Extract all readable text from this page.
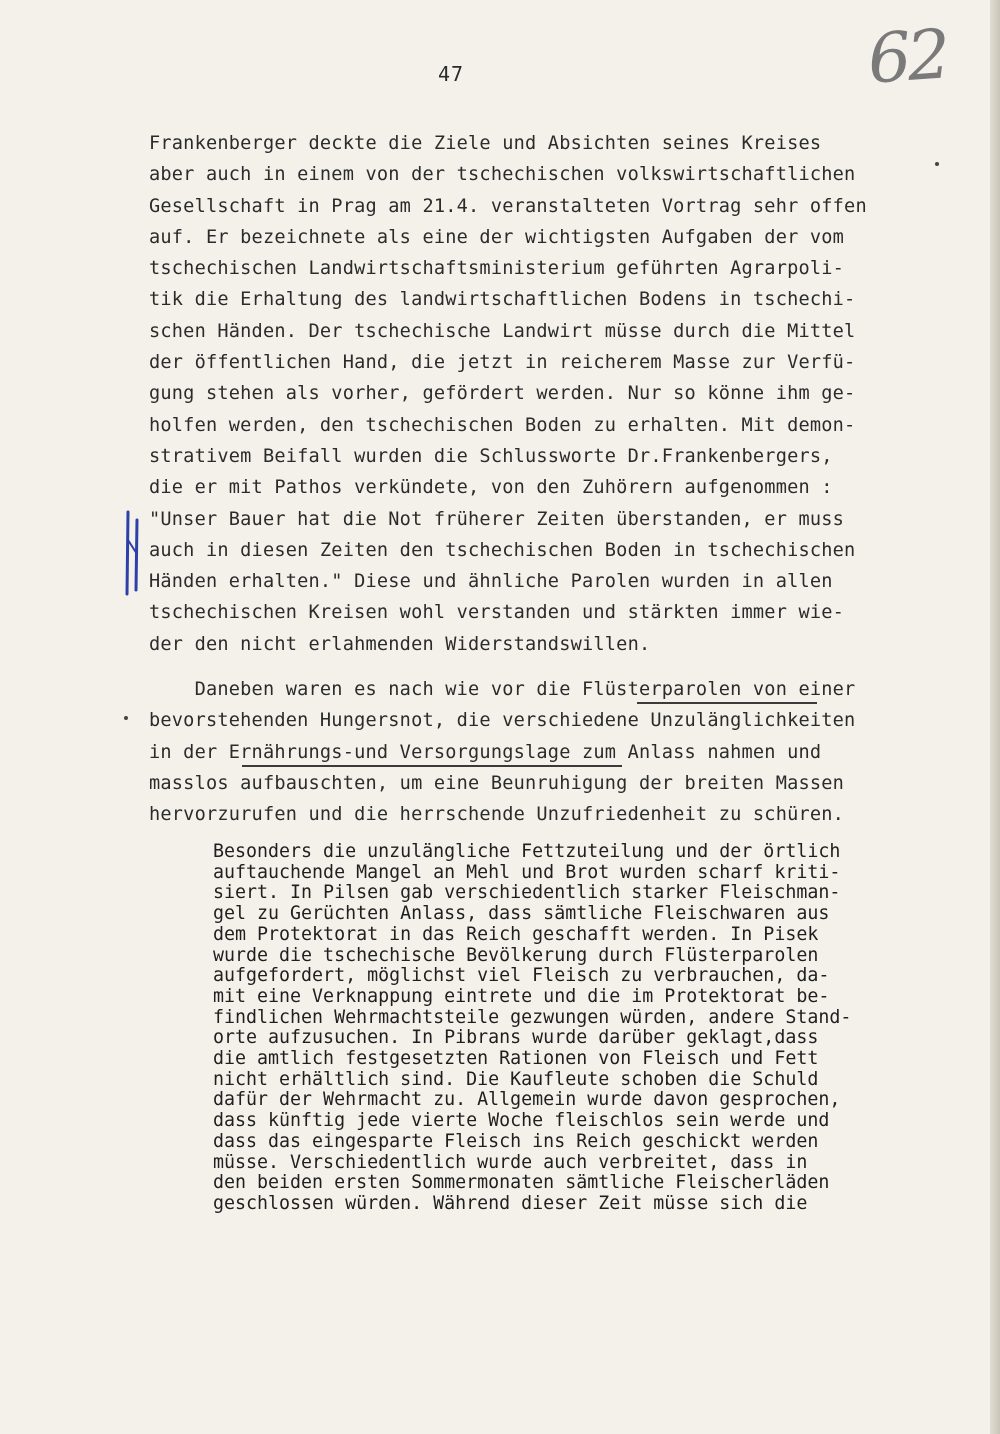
47	62
Frankenberger deckte die Ziele und Absichten seines Kreises
aber auch in einem von der tschechischen volkswirtschaftlichen
Gesellschaft in Prag am 21.4. veranstalteten Vortrag sehr offen
auf. Er bezeichnete als eine der wichtigsten Aufgaben der vom
tschechischen Landwirtschaftsministerium geführten Agrarpoli-
tik die Erhaltung des landwirtschaftlichen Bodens in tschechi-
schen Händen. Der tschechische Landwirt müsse durch die Mittel
der öffentlichen Hand, die jetzt in reicherem Masse zur Verfü-
gung stehen als vorher, gefördert werden. Nur so könne ihm ge-
holfen werden, den tschechischen Boden zu erhalten. Mit demon-
strativem Beifall wurden die Schlussworte Dr.Frankenbergers,
die er mit Pathos verkündete, von den Zuhörern aufgenommen :
"Unser Bauer hat die Not früherer Zeiten überstanden, er muss
auch in diesen Zeiten den tschechischen Boden in tschechischen
Händen erhalten." Diese und ähnliche Parolen wurden in allen
tschechischen Kreisen wohl verstanden und stärkten immer wie-
der den nicht erlahmenden Widerstandswillen.

Daneben waren es nach wie vor die Flüsterparolen von einer
bevorstehenden Hungersnot, die verschiedene Unzulänglichkeiten
in der Ernährungs-und Versorgungslage zum Anlass nahmen und
masslos aufbauschten, um eine Beunruhigung der breiten Massen
hervorzurufen und die herrschende Unzufriedenheit zu schüren.

Besonders die unzulängliche Fettzuteilung und der örtlich
auftauchende Mangel an Mehl und Brot wurden scharf kriti-
siert. In Pilsen gab verschiedentlich starker Fleischman-
gel zu Gerüchten Anlass, dass sämtliche Fleischwaren aus
dem Protektorat in das Reich geschafft werden. In Pisek
wurde die tschechische Bevölkerung durch Flüsterparolen
aufgefordert, möglichst viel Fleisch zu verbrauchen, da-
mit eine Verknappung eintrete und die im Protektorat be-
findlichen Wehrmachtsteile gezwungen würden, andere Stand-
orte aufzusuchen. In Pibrans wurde darüber geklagt,dass
die amtlich festgesetzten Rationen von Fleisch und Fett
nicht erhältlich sind. Die Kaufleute schoben die Schuld
dafür der Wehrmacht zu. Allgemein wurde davon gesprochen,
dass künftig jede vierte Woche fleischlos sein werde und
dass das eingesparte Fleisch ins Reich geschickt werden
müsse. Verschiedentlich wurde auch verbreitet, dass in
den beiden ersten Sommermonaten sämtliche Fleischerläden
geschlossen würden. Während dieser Zeit müsse sich die
